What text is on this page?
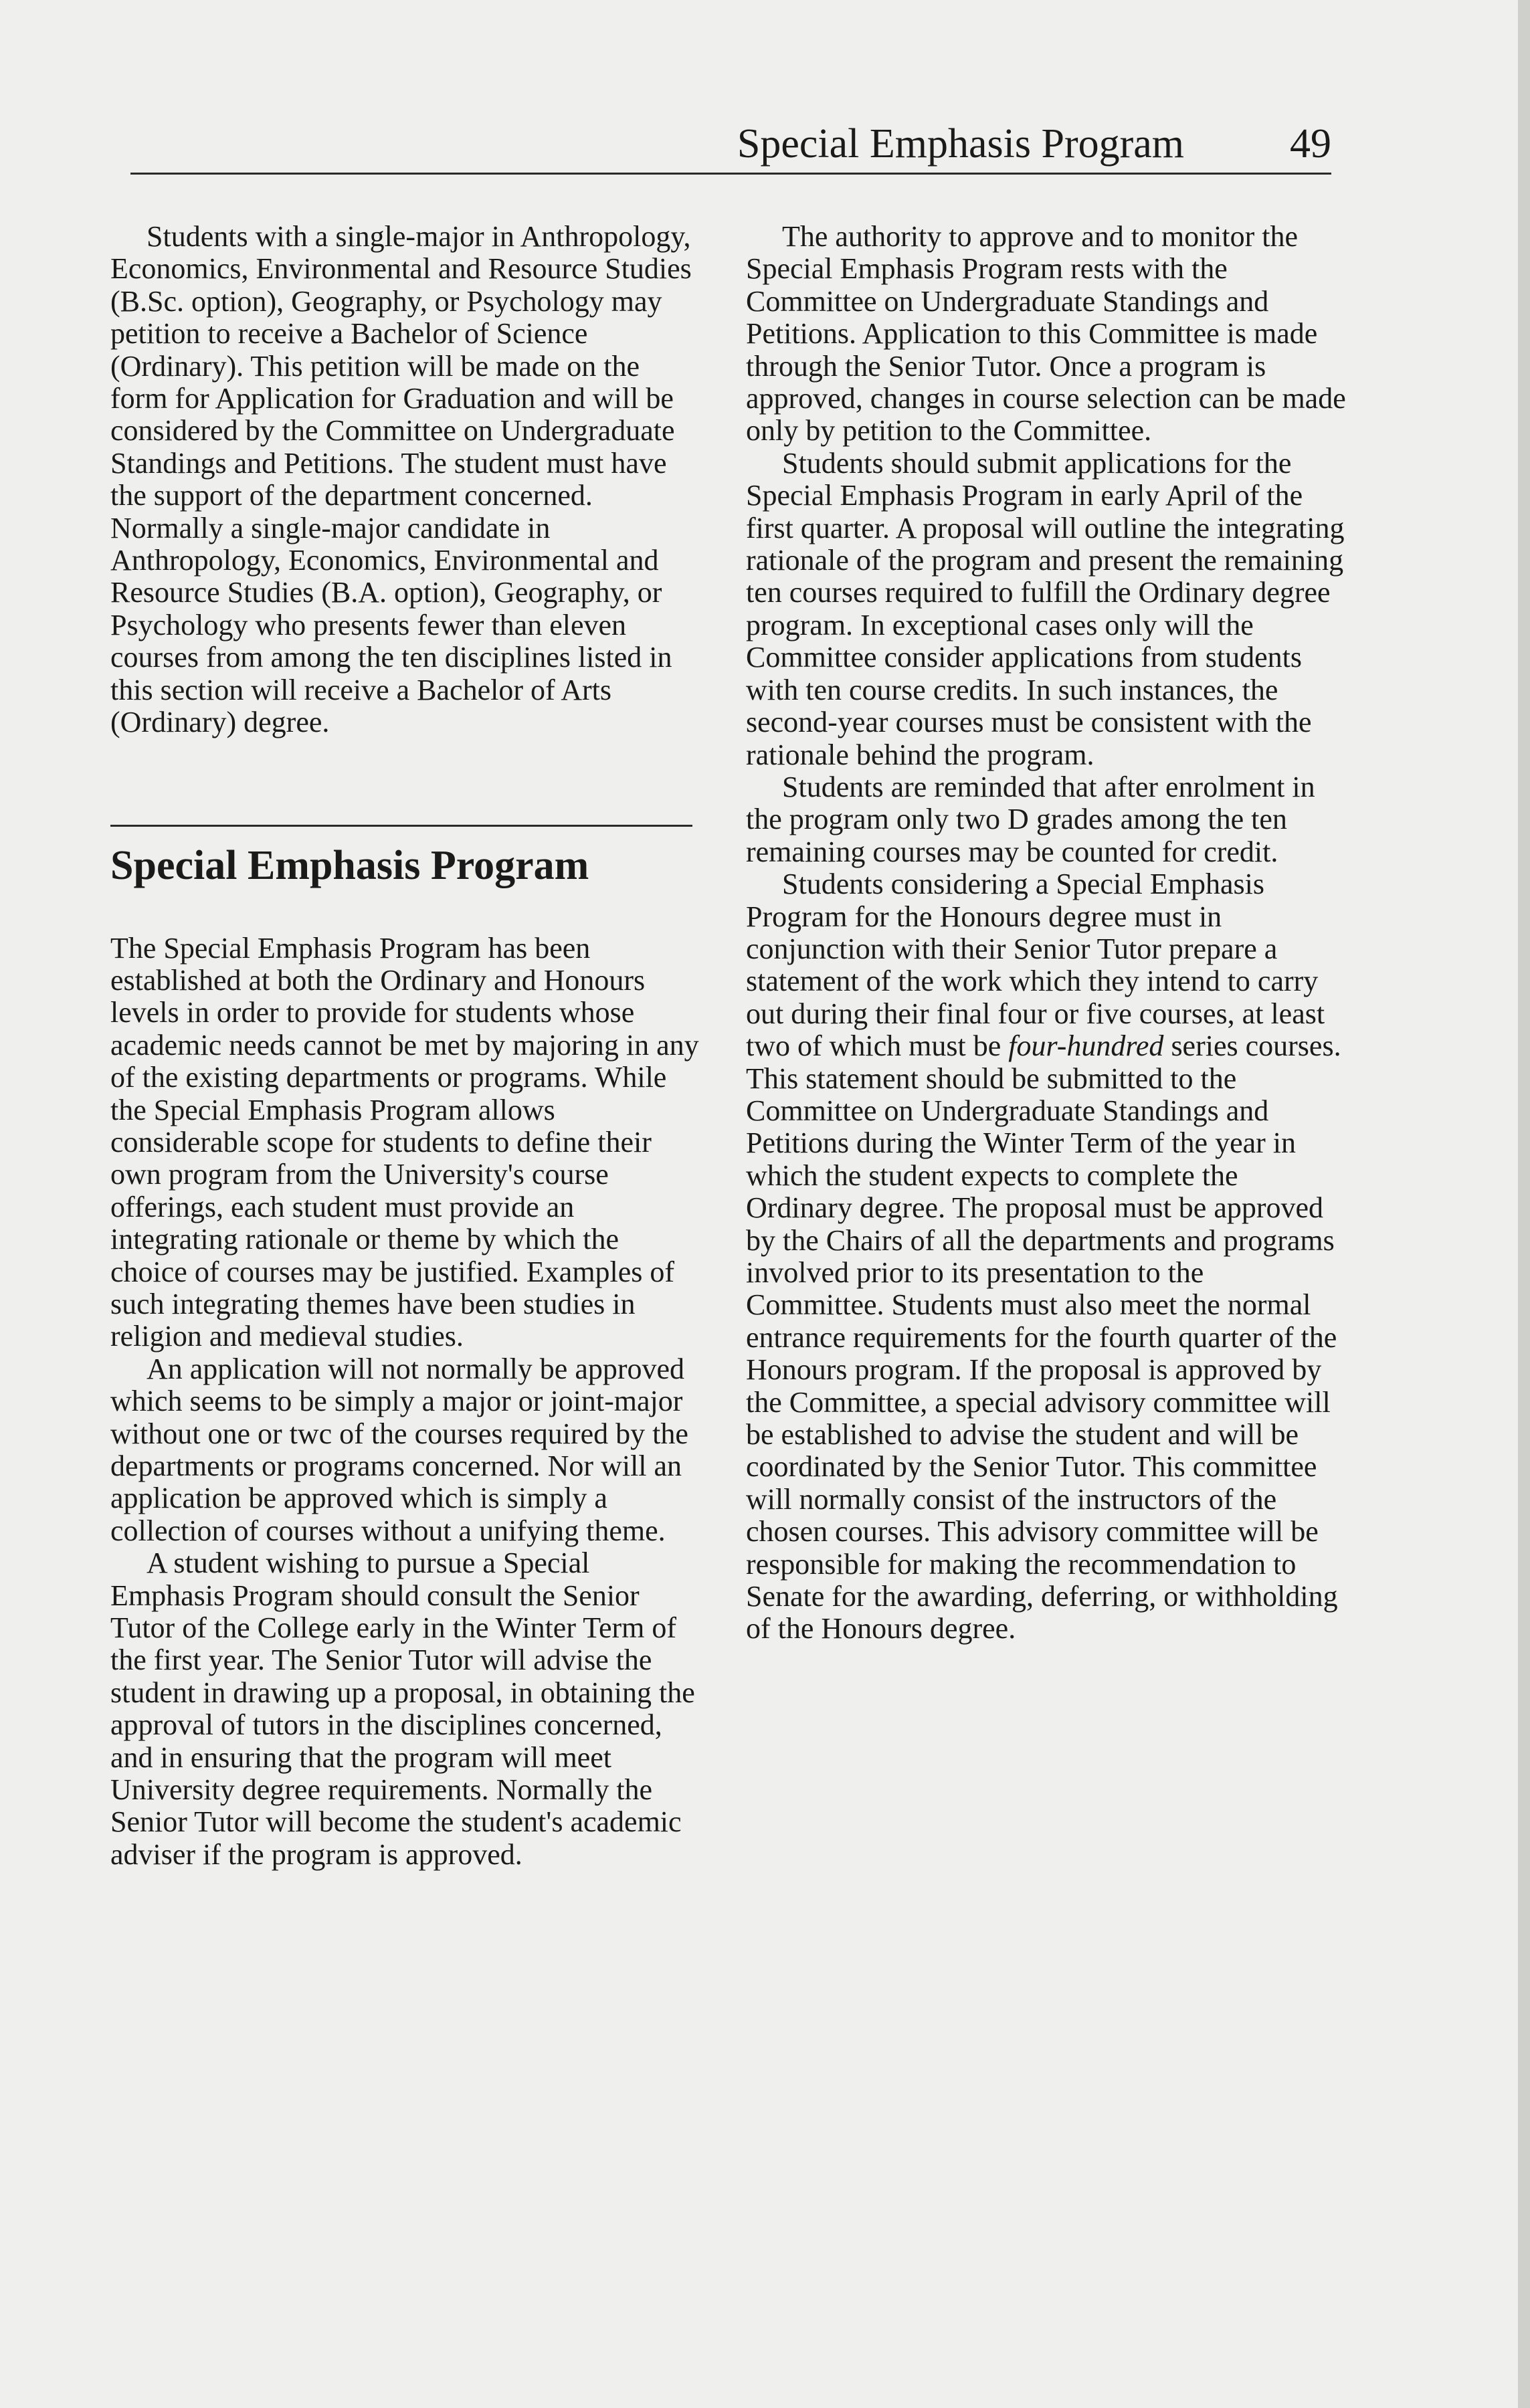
Special Emphasis Program	49

Students with a single-major in Anthropology, Economics, Environmental and Resource Studies (B.Sc. option), Geography, or Psychology may petition to receive a Bachelor of Science (Ordinary). This petition will be made on the form for Application for Graduation and will be considered by the Committee on Undergraduate Standings and Petitions. The student must have the support of the department concerned. Normally a single-major candidate in Anthropology, Economics, Environmental and Resource Studies (B.A. option), Geography, or Psychology who presents fewer than eleven courses from among the ten disciplines listed in this section will receive a Bachelor of Arts (Ordinary) degree.

Special Emphasis Program

The Special Emphasis Program has been established at both the Ordinary and Honours levels in order to provide for students whose academic needs cannot be met by majoring in any of the existing departments or programs. While the Special Emphasis Program allows considerable scope for students to define their own program from the University's course offerings, each student must provide an integrating rationale or theme by which the choice of courses may be justified. Examples of such integrating themes have been studies in religion and medieval studies.

An application will not normally be approved which seems to be simply a major or joint-major without one or twc of the courses required by the departments or programs concerned. Nor will an application be approved which is simply a collection of courses without a unifying theme.

A student wishing to pursue a Special Emphasis Program should consult the Senior Tutor of the College early in the Winter Term of the first year. The Senior Tutor will advise the student in drawing up a proposal, in obtaining the approval of tutors in the disciplines concerned, and in ensuring that the program will meet University degree requirements. Normally the Senior Tutor will become the student's academic adviser if the program is approved.

The authority to approve and to monitor the Special Emphasis Program rests with the Committee on Undergraduate Standings and Petitions. Application to this Committee is made through the Senior Tutor. Once a program is approved, changes in course selection can be made only by petition to the Committee.

Students should submit applications for the Special Emphasis Program in early April of the first quarter. A proposal will outline the integrating rationale of the program and present the remaining ten courses required to fulfill the Ordinary degree program. In exceptional cases only will the Committee consider applications from students with ten course credits. In such instances, the second-year courses must be consistent with the rationale behind the program.

Students are reminded that after enrolment in the program only two D grades among the ten remaining courses may be counted for credit.

Students considering a Special Emphasis Program for the Honours degree must in conjunction with their Senior Tutor prepare a statement of the work which they intend to carry out during their final four or five courses, at least two of which must be four-hundred series courses. This statement should be submitted to the Committee on Undergraduate Standings and Petitions during the Winter Term of the year in which the student expects to complete the Ordinary degree. The proposal must be approved by the Chairs of all the departments and programs involved prior to its presentation to the Committee. Students must also meet the normal entrance requirements for the fourth quarter of the Honours program. If the proposal is approved by the Committee, a special advisory committee will be established to advise the student and will be coordinated by the Senior Tutor. This committee will normally consist of the instructors of the chosen courses. This advisory committee will be responsible for making the recommendation to Senate for the awarding, deferring, or withholding of the Honours degree.
